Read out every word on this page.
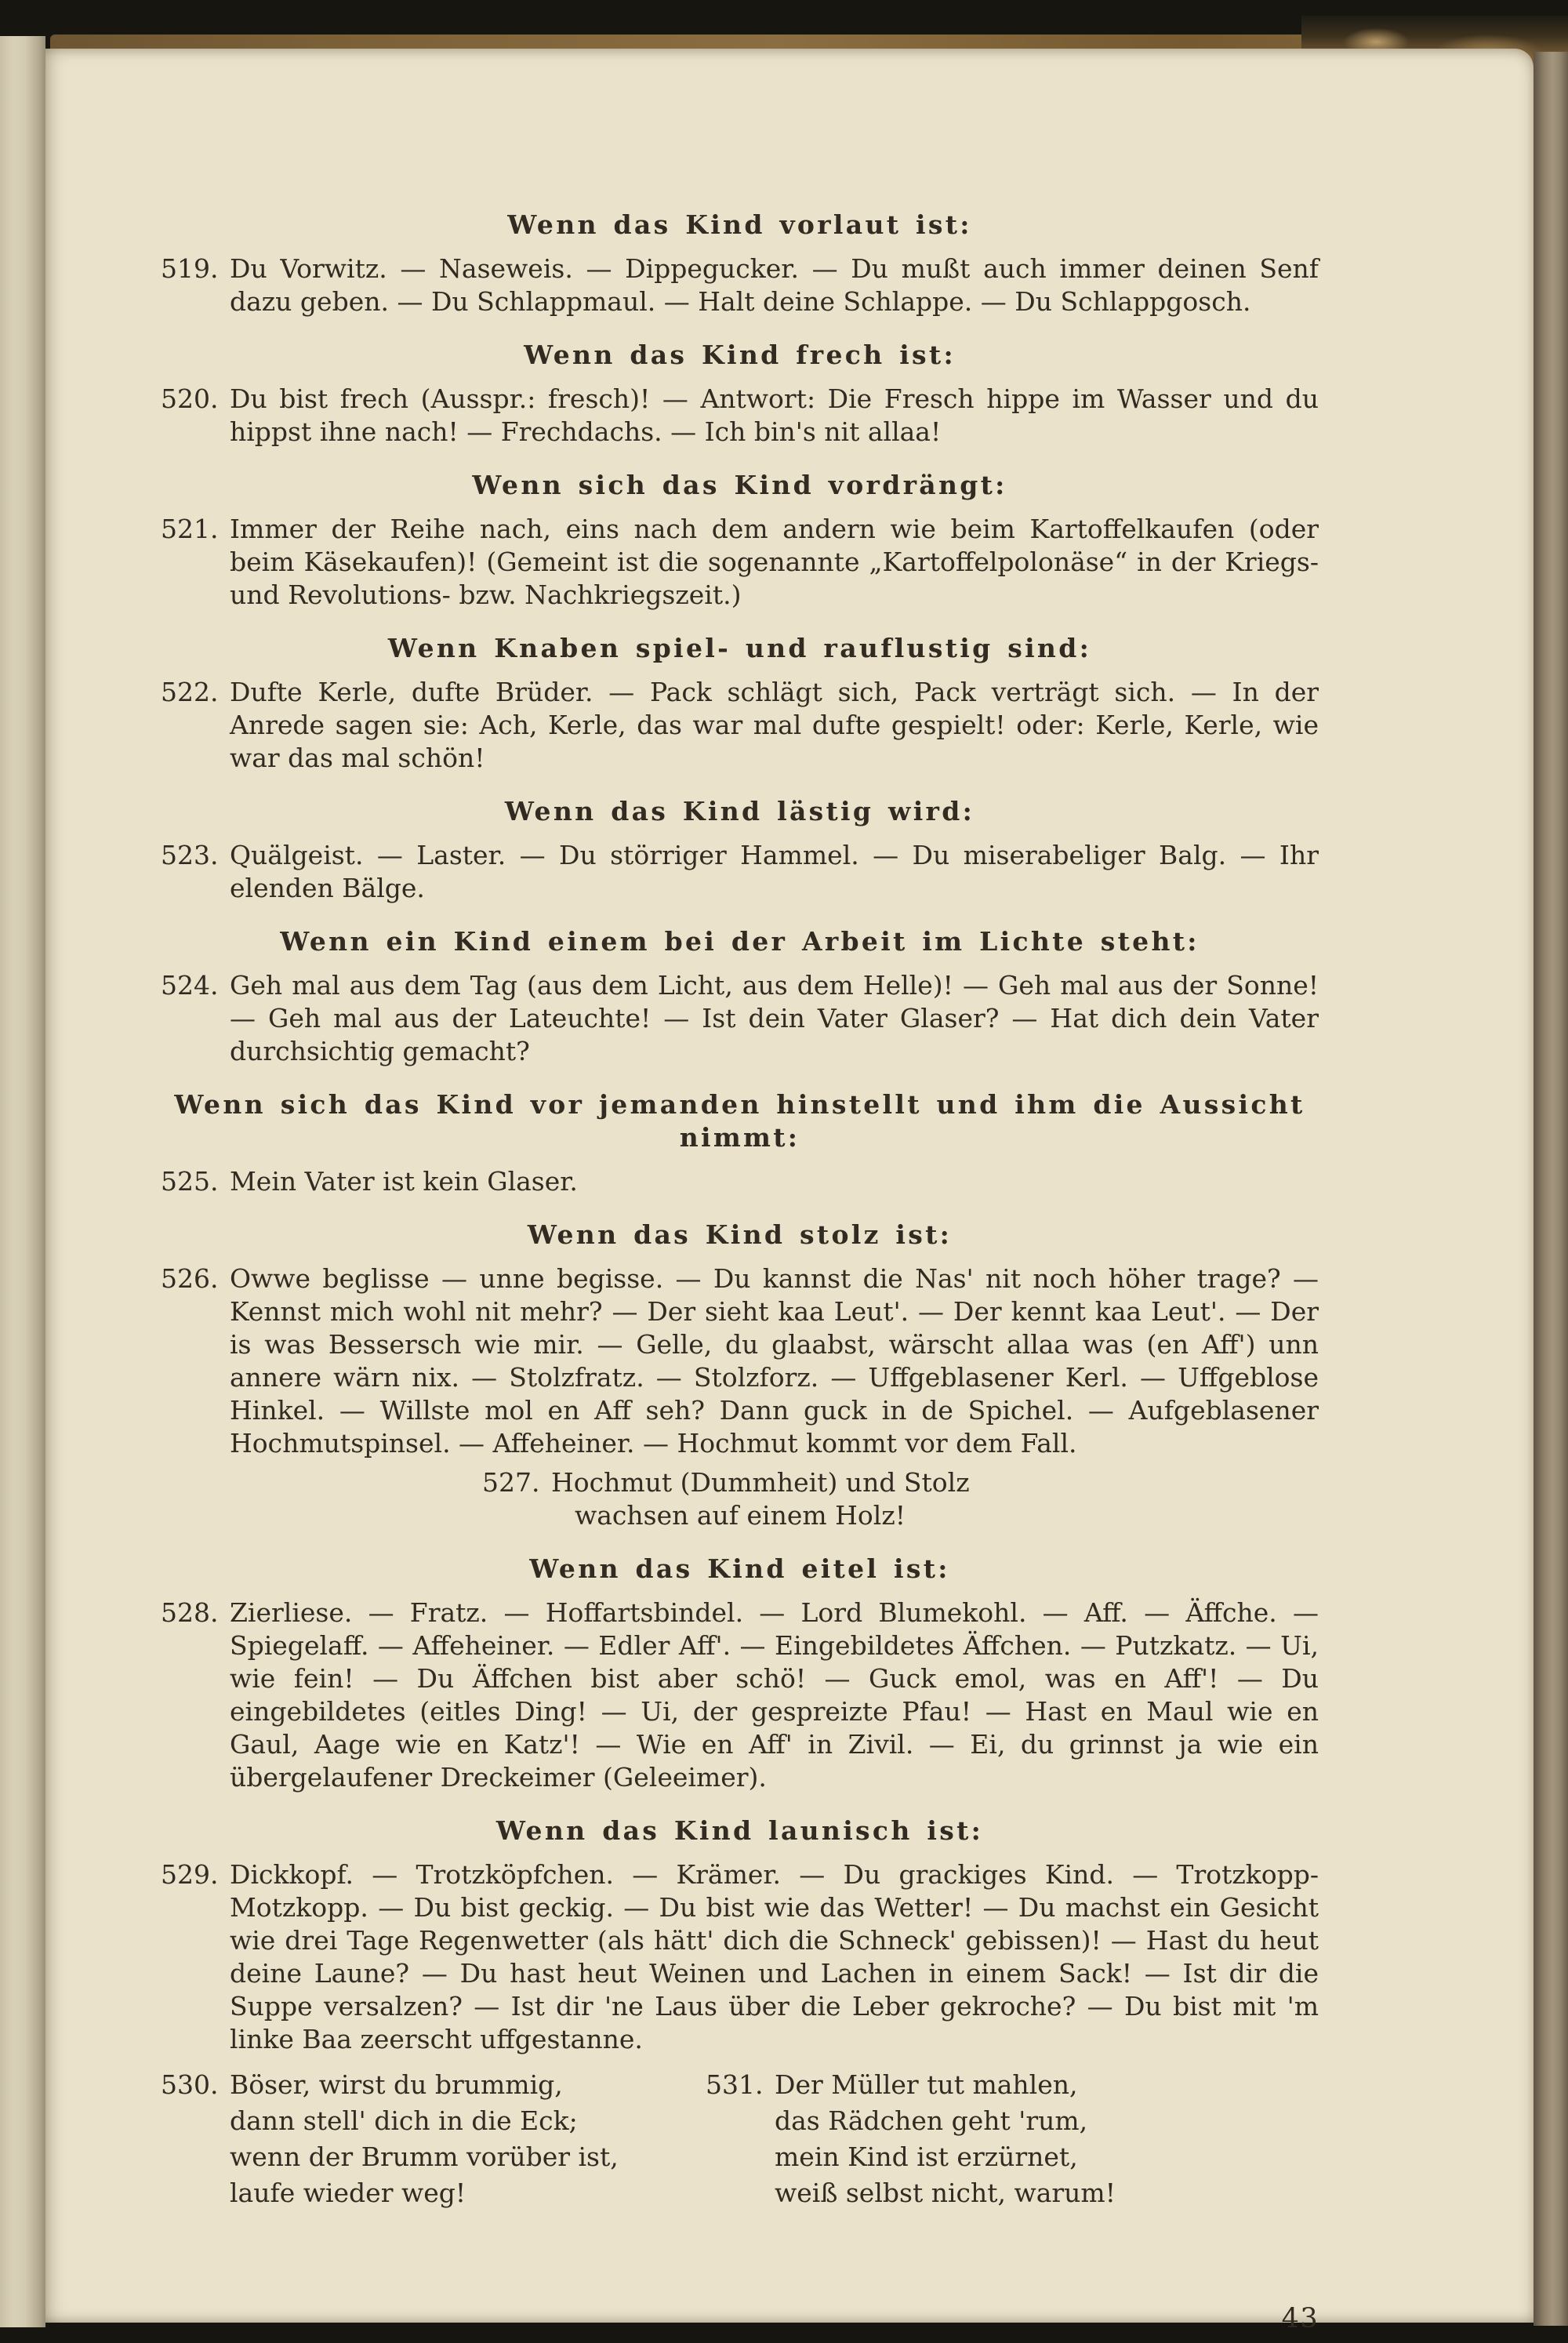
Wenn das Kind vorlaut ist:

519. Du Vorwitz. — Naseweis. — Dippegucker. — Du mußt auch immer deinen Senf dazu geben. — Du Schlappmaul. — Halt deine Schlappe. — Du Schlappgosch.

Wenn das Kind frech ist:

520. Du bist frech (Ausspr.: fresch)! — Antwort: Die Fresch hippe im Wasser und du hippst ihne nach! — Frechdachs. — Ich bin's nit allaa!

Wenn sich das Kind vordrängt:

521. Immer der Reihe nach, eins nach dem andern wie beim Kartoffelkaufen (oder beim Käsekaufen)! (Gemeint ist die sogenannte „Kartoffelpolonäse“ in der Kriegs- und Revolutions- bzw. Nachkriegszeit.)

Wenn Knaben spiel- und rauflustig sind:

522. Dufte Kerle, dufte Brüder. — Pack schlägt sich, Pack verträgt sich. — In der Anrede sagen sie: Ach, Kerle, das war mal dufte gespielt! oder: Kerle, Kerle, wie war das mal schön!

Wenn das Kind lästig wird:

523. Quälgeist. — Laster. — Du störriger Hammel. — Du miserabeliger Balg. — Ihr elenden Bälge.

Wenn ein Kind einem bei der Arbeit im Lichte steht:

524. Geh mal aus dem Tag (aus dem Licht, aus dem Helle)! — Geh mal aus der Sonne! — Geh mal aus der Lateuchte! — Ist dein Vater Glaser? — Hat dich dein Vater durchsichtig gemacht?

Wenn sich das Kind vor jemanden hinstellt und ihm die Aussicht nimmt:

525. Mein Vater ist kein Glaser.

Wenn das Kind stolz ist:

526. Owwe beglisse — unne begisse. — Du kannst die Nas' nit noch höher trage? — Kennst mich wohl nit mehr? — Der sieht kaa Leut'. — Der kennt kaa Leut'. — Der is was Bessersch wie mir. — Gelle, du glaabst, wärscht allaa was (en Aff') unn annere wärn nix. — Stolzfratz. — Stolzforz. — Uffgeblasener Kerl. — Uffgeblose Hinkel. — Willste mol en Aff seh? Dann guck in de Spichel. — Aufgeblasener Hochmutspinsel. — Affeheiner. — Hochmut kommt vor dem Fall.

527. Hochmut (Dummheit) und Stolz
wachsen auf einem Holz!
Wenn das Kind eitel ist:

528. Zierliese. — Fratz. — Hoffartsbindel. — Lord Blumekohl. — Aff. — Äffche. — Spiegelaff. — Affeheiner. — Edler Aff'. — Eingebildetes Äffchen. — Putzkatz. — Ui, wie fein! — Du Äffchen bist aber schö! — Guck emol, was en Aff'! — Du eingebildetes (eitles Ding! — Ui, der gespreizte Pfau! — Hast en Maul wie en Gaul, Aage wie en Katz'! — Wie en Aff' in Zivil. — Ei, du grinnst ja wie ein übergelaufener Dreckeimer (Geleeimer).

Wenn das Kind launisch ist:

529. Dickkopf. — Trotzköpfchen. — Krämer. — Du grackiges Kind. — Trotzkopp-Motzkopp. — Du bist geckig. — Du bist wie das Wetter! — Du machst ein Gesicht wie drei Tage Regenwetter (als hätt' dich die Schneck' gebissen)! — Hast du heut deine Laune? — Du hast heut Weinen und Lachen in einem Sack! — Ist dir die Suppe versalzen? — Ist dir 'ne Laus über die Leber gekroche? — Du bist mit 'm linke Baa zeerscht uffgestanne.

530. Böser, wirst du brummig,
dann stell' dich in die Eck;
wenn der Brumm vorüber ist,
laufe wieder weg!
531. Der Müller tut mahlen,
das Rädchen geht 'rum,
mein Kind ist erzürnet,
weiß selbst nicht, warum!
43
